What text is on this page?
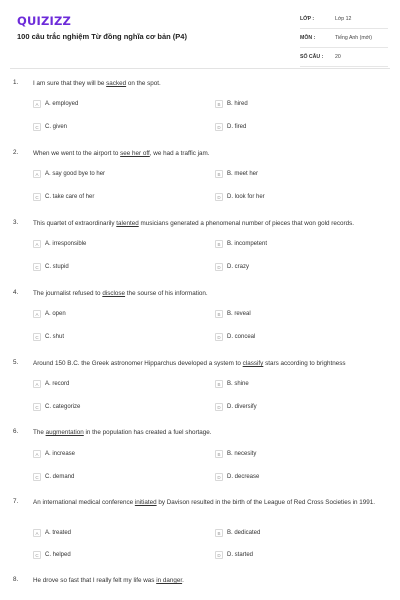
QUIZIZZ
100 câu trắc nghiệm Từ đồng nghĩa cơ bản (P4)
LỚP :	Lớp 12
MÔN :	Tiếng Anh (mới)
SỐ CÂU :	20
1. I am sure that they will be sacked on the spot.
A	A. employed	B	B. hired
C	C. given	D	D. fired
2. When we went to the airport to see her off, we had a traffic jam.
A	A. say good bye to her	B	B. meet her
C	C. take care of her	D	D. look for her
3. This quartet of extraordinarily talented musicians generated a phenomenal number of pieces that won gold records.
A	A. irresponsible	B	B. incompetent
C	C. stupid	D	D. crazy
4. The journalist refused to disclose the sourse of his information.
A	A. open	B	B. reveal
C	C. shut	D	D. conceal
5. Around 150 B.C. the Greek astronomer Hipparchus developed a system to classify stars according to brightness
A	A. record	B	B. shine
C	C. categorize	D	D. diversify
6. The augmentation in the population has created a fuel shortage.
A	A. increase	B	B. necesity
C	C. demand	D	D. decrease
7. An international medical conference initiated by Davison resulted in the birth of the League of Red Cross Societies in 1991.
A	A. treated	B	B. dedicated
C	C. helped	D	D. started
8. He drove so fast that I really felt my life was in danger.
